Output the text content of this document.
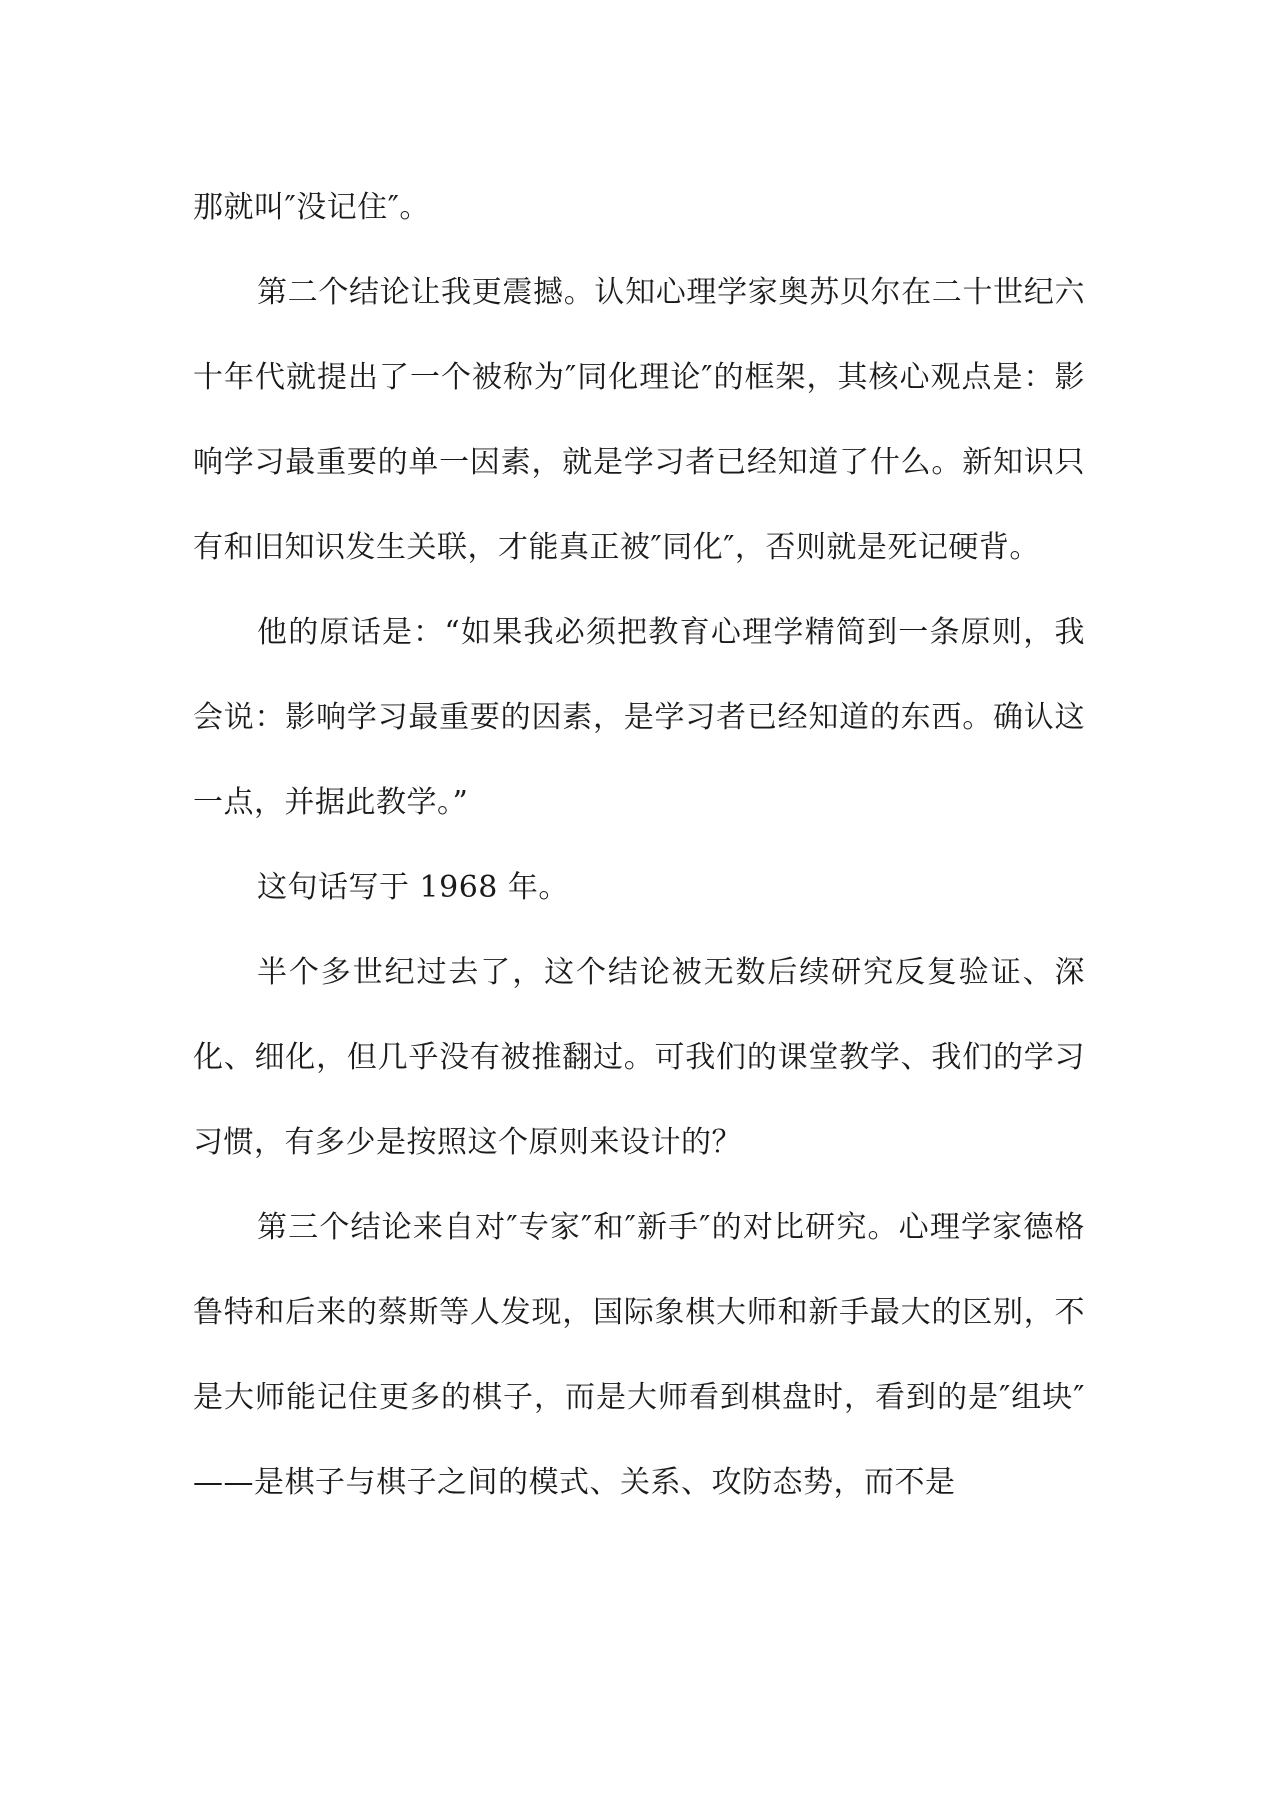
那就叫″没记住″。

第二个结论让我更震撼。认知心理学家奥苏贝尔在二十世纪六十年代就提出了一个被称为″同化理论″的框架，其核心观点是：影响学习最重要的单一因素，就是学习者已经知道了什么。新知识只有和旧知识发生关联，才能真正被″同化″，否则就是死记硬背。

他的原话是：“如果我必须把教育心理学精简到一条原则，我会说：影响学习最重要的因素，是学习者已经知道的东西。确认这一点，并据此教学。”

这句话写于 1968 年。

半个多世纪过去了，这个结论被无数后续研究反复验证、深化、细化，但几乎没有被推翻过。可我们的课堂教学、我们的学习习惯，有多少是按照这个原则来设计的？

第三个结论来自对″专家″和″新手″的对比研究。心理学家德格鲁特和后来的蔡斯等人发现，国际象棋大师和新手最大的区别，不是大师能记住更多的棋子，而是大师看到棋盘时，看到的是″组块″——是棋子与棋子之间的模式、关系、攻防态势，而不是
